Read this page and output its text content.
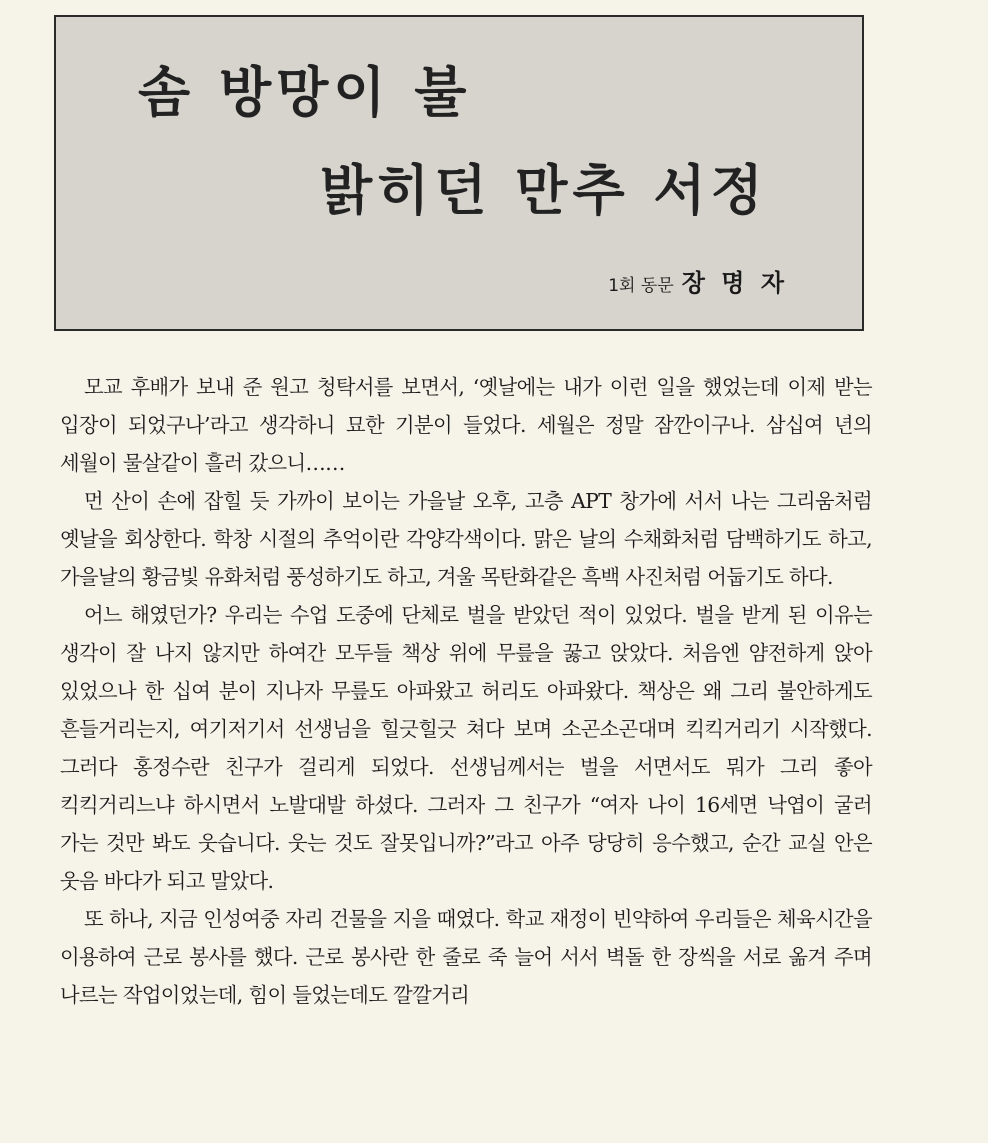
솜 방망이 불
밝히던 만추 서정
1회 동문 장 명 자

모교 후배가 보내 준 원고 청탁서를 보면서, ‘옛날에는 내가 이런 일을 했었는데 이제 받는 입장이 되었구나’라고 생각하니 묘한 기분이 들었다. 세월은 정말 잠깐이구나. 삼십여 년의 세월이 물살같이 흘러 갔으니……

먼 산이 손에 잡힐 듯 가까이 보이는 가을날 오후, 고층 APT 창가에 서서 나는 그리움처럼 옛날을 회상한다. 학창 시절의 추억이란 각양각색이다. 맑은 날의 수채화처럼 담백하기도 하고, 가을날의 황금빛 유화처럼 풍성하기도 하고, 겨울 목탄화같은 흑백 사진처럼 어둡기도 하다.

어느 해였던가? 우리는 수업 도중에 단체로 벌을 받았던 적이 있었다. 벌을 받게 된 이유는 생각이 잘 나지 않지만 하여간 모두들 책상 위에 무릎을 꿇고 앉았다. 처음엔 얌전하게 앉아 있었으나 한 십여 분이 지나자 무릎도 아파왔고 허리도 아파왔다. 책상은 왜 그리 불안하게도 흔들거리는지, 여기저기서 선생님을 힐긋힐긋 쳐다 보며 소곤소곤대며 킥킥거리기 시작했다. 그러다 홍정수란 친구가 걸리게 되었다. 선생님께서는 벌을 서면서도 뭐가 그리 좋아 킥킥거리느냐 하시면서 노발대발 하셨다. 그러자 그 친구가 “여자 나이 16세면 낙엽이 굴러 가는 것만 봐도 웃습니다. 웃는 것도 잘못입니까?”라고 아주 당당히 응수했고, 순간 교실 안은 웃음 바다가 되고 말았다.

또 하나, 지금 인성여중 자리 건물을 지을 때였다. 학교 재정이 빈약하여 우리들은 체육시간을 이용하여 근로 봉사를 했다. 근로 봉사란 한 줄로 죽 늘어 서서 벽돌 한 장씩을 서로 옮겨 주며 나르는 작업이었는데, 힘이 들었는데도 깔깔거리
